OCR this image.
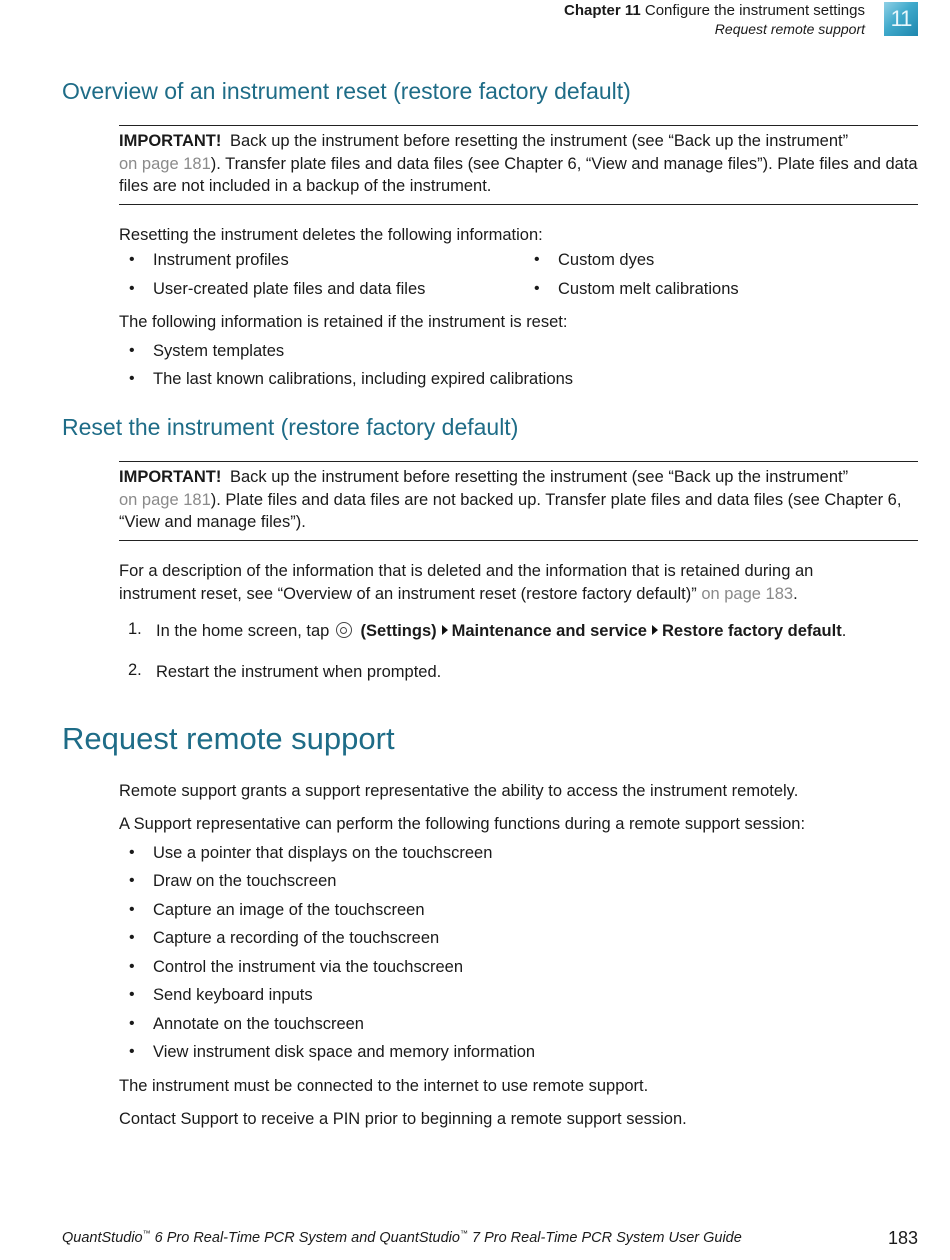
Chapter 11 Configure the instrument settings
Request remote support 11
Overview of an instrument reset (restore factory default)
IMPORTANT! Back up the instrument before resetting the instrument (see “Back up the instrument”
on page 181). Transfer plate files and data files (see Chapter 6, “View and manage files”). Plate files and data files are not included in a backup of the instrument.
Resetting the instrument deletes the following information:
• Instrument profiles
• User-created plate files and data files
• Custom dyes
• Custom melt calibrations
The following information is retained if the instrument is reset:
• System templates
• The last known calibrations, including expired calibrations
Reset the instrument (restore factory default)
IMPORTANT! Back up the instrument before resetting the instrument (see “Back up the instrument”
on page 181). Plate files and data files are not backed up. Transfer plate files and data files (see Chapter 6, “View and manage files”).
For a description of the information that is deleted and the information that is retained during an instrument reset, see “Overview of an instrument reset (restore factory default)” on page 183.
1. In the home screen, tap (Settings) Maintenance and service Restore factory default.
2. Restart the instrument when prompted.
Request remote support
Remote support grants a support representative the ability to access the instrument remotely.
A Support representative can perform the following functions during a remote support session:
• Use a pointer that displays on the touchscreen
• Draw on the touchscreen
• Capture an image of the touchscreen
• Capture a recording of the touchscreen
• Control the instrument via the touchscreen
• Send keyboard inputs
• Annotate on the touchscreen
• View instrument disk space and memory information
The instrument must be connected to the internet to use remote support.
Contact Support to receive a PIN prior to beginning a remote support session.
QuantStudio™ 6 Pro Real-Time PCR System and QuantStudio™ 7 Pro Real-Time PCR System User Guide	183
